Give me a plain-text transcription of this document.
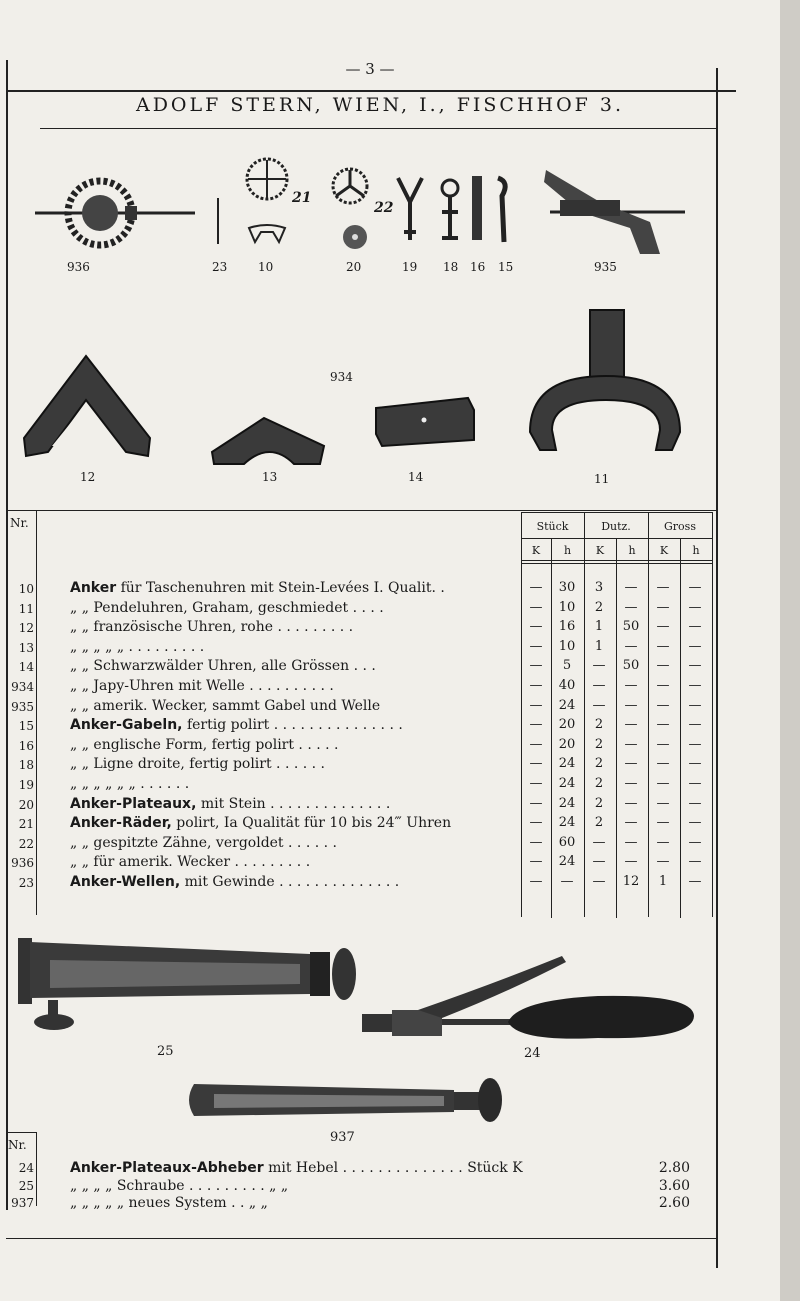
— 3 —
ADOLF STERN, WIEN, I., FISCHHOF 3.
936
21
22
23	10	20	19 18 16 15	935
934
12	13	14	11
Nr.	Stück	Dutz.	Gross
K	h	K	h	K	h
10	Anker für Taschenuhren mit Stein-Levées I. Qualit. .	—	30	3	—	—	—
11	„ „ Pendeluhren, Graham, geschmiedet . . . .	—	10	2	—	—	—
12	„ „ französische Uhren, rohe . . . . . . . . .	—	16	1	50	—	—
13	„ „ „ „ „ . . . . . . . . .	—	10	1	—	—	—
14	„ „ Schwarzwälder Uhren, alle Grössen . . .	—	5	—	50	—	—
934	„ „ Japy-Uhren mit Welle . . . . . . . . . .	—	40	—	—	—	—
935	„ „ amerik. Wecker, sammt Gabel und Welle	—	24	—	—	—	—
15	Anker-Gabeln, fertig polirt . . . . . . . . . . . . . . .	—	20	2	—	—	—
16	„ „ englische Form, fertig polirt . . . . .	—	20	2	—	—	—
18	„ „ Ligne droite, fertig polirt . . . . . .	—	24	2	—	—	—
19	„ „ „ „ „ „ . . . . . .	—	24	2	—	—	—
20	Anker-Plateaux, mit Stein . . . . . . . . . . . . . .	—	24	2	—	—	—
21	Anker-Räder, polirt, Ia Qualität für 10 bis 24‴ Uhren	—	24	2	—	—	—
22	„ „ gespitzte Zähne, vergoldet . . . . . .	—	60	—	—	—	—
936	„ „ für amerik. Wecker . . . . . . . . .	—	24	—	—	—	—
23	Anker-Wellen, mit Gewinde . . . . . . . . . . . . . .	—	—	—	12	1	—
25	24
937
Nr.
24	Anker-Plateaux-Abheber mit Hebel . . . . . . . . . . . . . . Stück K	2.80
25	„ „ „ „ Schraube . . . . . . . . . „ „	3.60
937	„ „ „ „ „ neues System . . „ „	2.60
